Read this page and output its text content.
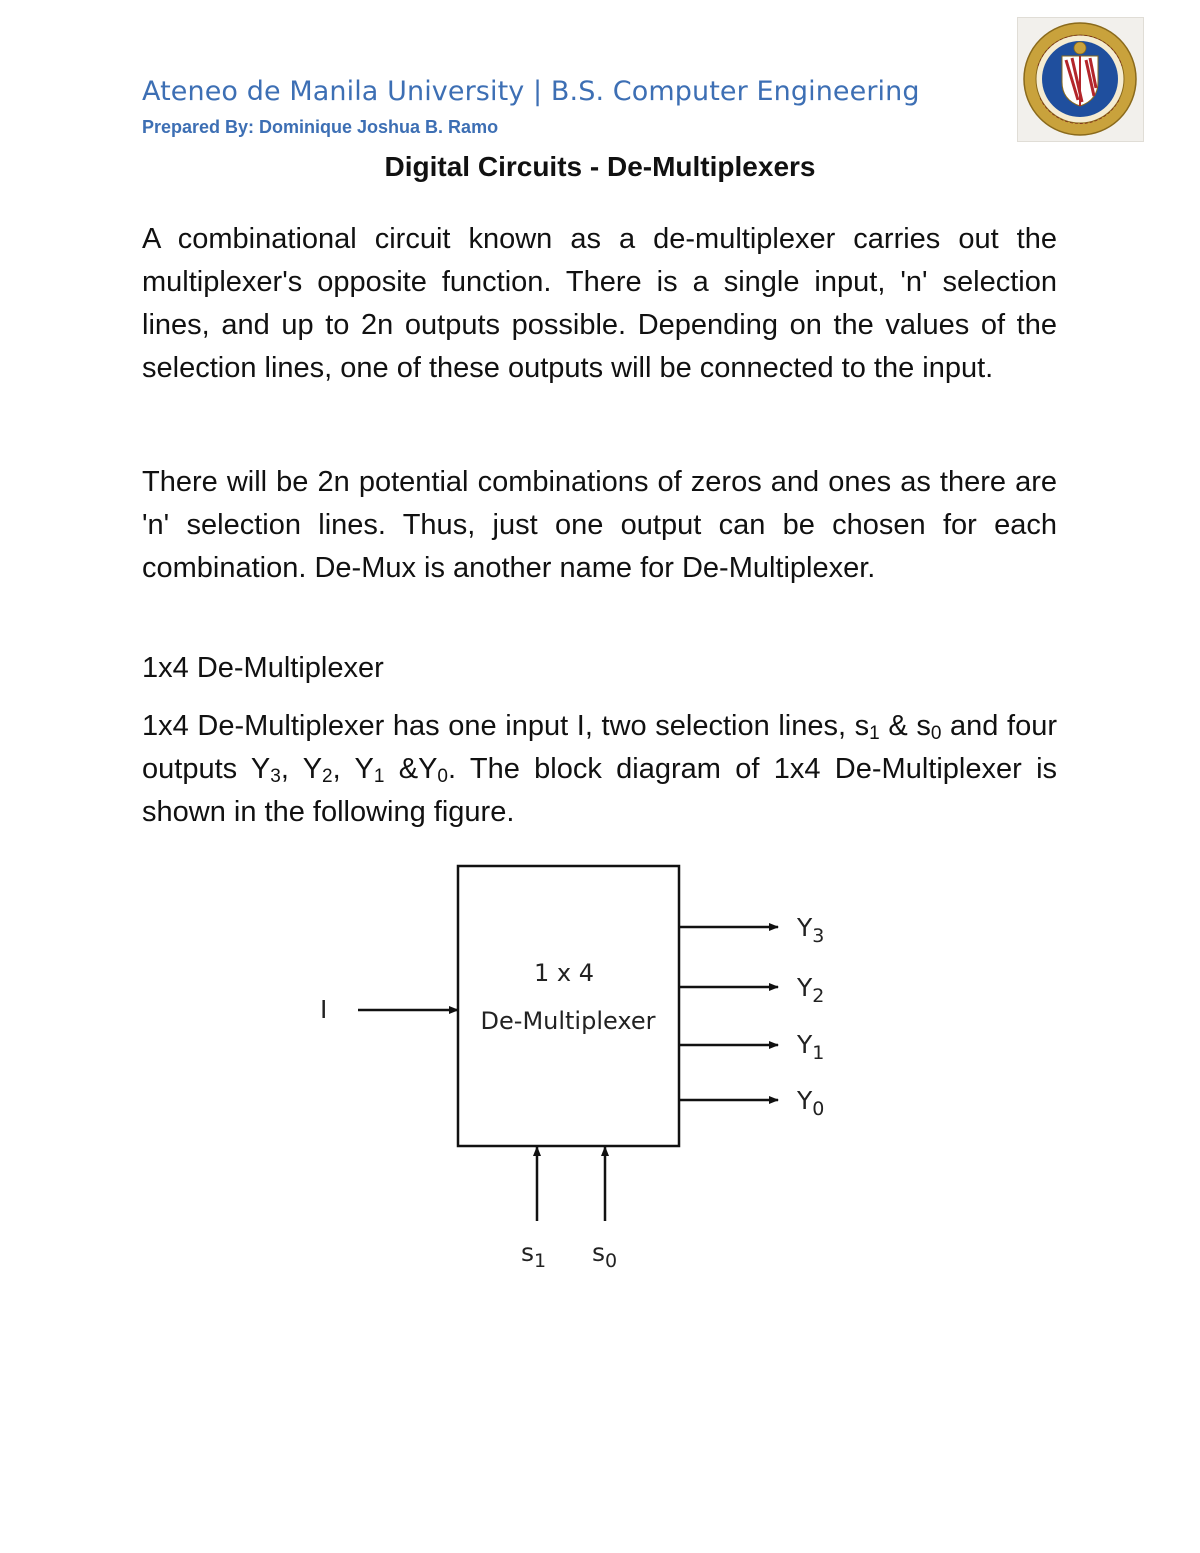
Ateneo de Manila University | B.S. Computer Engineering
Prepared By: Dominique Joshua B. Ramo
Digital Circuits - De-Multiplexers
A combinational circuit known as a de-multiplexer carries out the multiplexer's opposite function. There is a single input, 'n' selection lines, and up to 2n outputs possible. Depending on the values of the selection lines, one of these outputs will be connected to the input.
There will be 2n potential combinations of zeros and ones as there are 'n' selection lines. Thus, just one output can be chosen for each combination. De-Mux is another name for De-Multiplexer.
1x4 De-Multiplexer
1x4 De-Multiplexer has one input I, two selection lines, $s_1$ & $s_0$ and four outputs $Y_3$, $Y_2$, $Y_1$ $\&Y_0$. The block diagram of 1x4 De-Multiplexer is shown in the following figure.
1 x 4
De-Multiplexer
I
$Y_3$
$Y_2$
$Y_1$
$Y_0$
$s_1$ $s_0$
